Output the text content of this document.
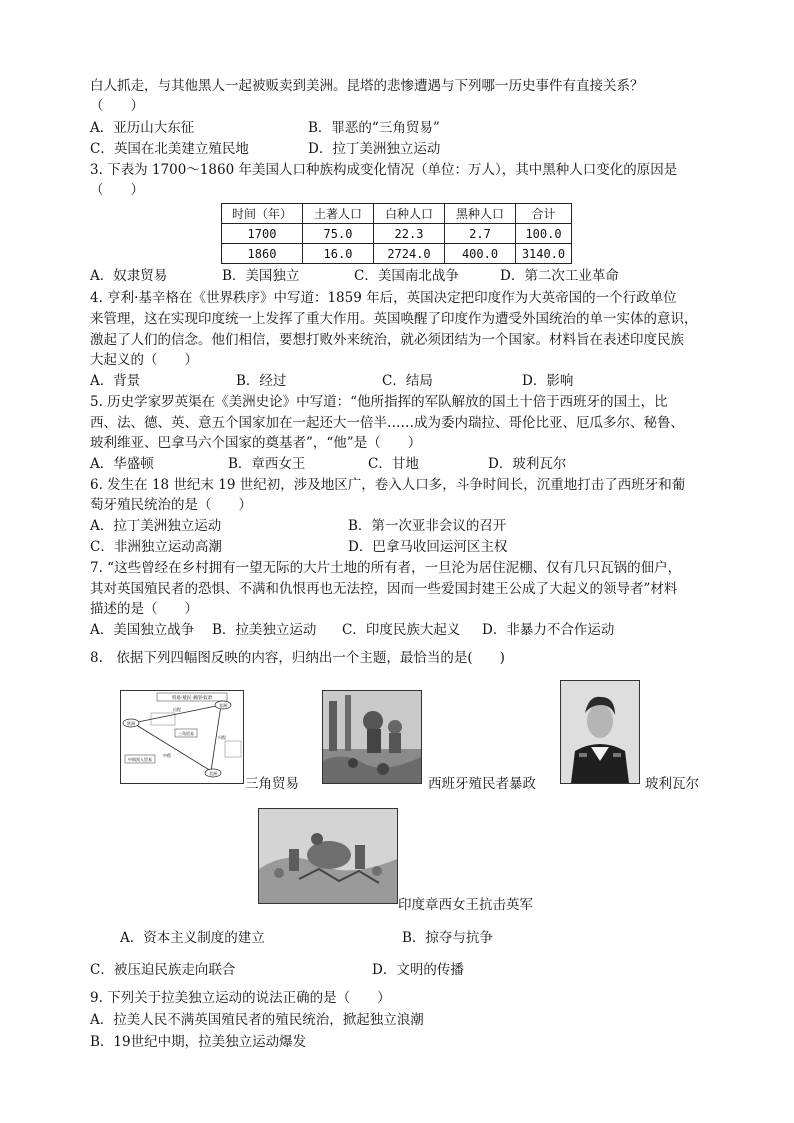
白人抓走，与其他黑人一起被贩卖到美洲。昆塔的悲惨遭遇与下列哪一历史事件有直接关系？
（　　）
A．亚历山大东征	B．罪恶的“三角贸易”
C．英国在北美建立殖民地	D．拉丁美洲独立运动
3. 下表为 1700～1860 年美国人口种族构成变化情况（单位：万人），其中黑种人口变化的原因是
（　　）
时间（年）	土著人口	白种人口	黑种人口	合计
1700	75.0	22.3	2.7	100.0
1860	16.0	2724.0	400.0	3140.0
A．奴隶贸易	B．美国独立	C．美国南北战争	D．第二次工业革命
4. 亨利·基辛格在《世界秩序》中写道：1859 年后，英国决定把印度作为大英帝国的一个行政单位
来管理，这在实现印度统一上发挥了重大作用。英国唤醒了印度作为遭受外国统治的单一实体的意识，
激起了人们的信念。他们相信，要想打败外来统治，就必须团结为一个国家。材料旨在表述印度民族
大起义的（　　）
A．背景	B．经过	C．结局	D．影响
5. 历史学家罗英渠在《美洲史论》中写道：“他所指挥的军队解放的国土十倍于西班牙的国土，比
西、法、德、英、意五个国家加在一起还大一倍半……成为委内瑞拉、哥伦比亚、厄瓜多尔、秘鲁、
玻利维亚、巴拿马六个国家的奠基者”，“他”是（　　）
A．华盛顿	B．章西女王	C．甘地	D．玻利瓦尔
6. 发生在 18 世纪末 19 世纪初，涉及地区广，卷入人口多，斗争时间长，沉重地打击了西班牙和葡
萄牙殖民统治的是（　　）
A．拉丁美洲独立运动	B．第一次亚非会议的召开
C．非洲独立运动高潮	D．巴拿马收回运河区主权
7. “这些曾经在乡村拥有一望无际的大片土地的所有者，一旦沦为居住泥棚、仅有几只瓦锅的佃户，
其对英国殖民者的恐惧、不满和仇恨再也无法控，因而一些爱国封建王公成了大起义的领导者”材料
描述的是（　　）
A．美国独立战争 B．拉美独立运动 C．印度民族大起义 D．非暴力不合作运动
8.　依据下列四幅图反映的内容，归纳出一个主题，最恰当的是(　　)
贸易·殖民·剥削·奴隶
欧洲
非洲
美洲
出程
中程
归程
三角贸易
中间黑人贸易
三角贸易	西班牙殖民者暴政	玻利瓦尔
印度章西女王抗击英军
A．资本主义制度的建立	B．掠夺与抗争
C．被压迫民族走向联合	D．文明的传播
9. 下列关于拉美独立运动的说法正确的是（　　）
A．拉美人民不满英国殖民者的殖民统治，掀起独立浪潮
B．19世纪中期，拉美独立运动爆发
